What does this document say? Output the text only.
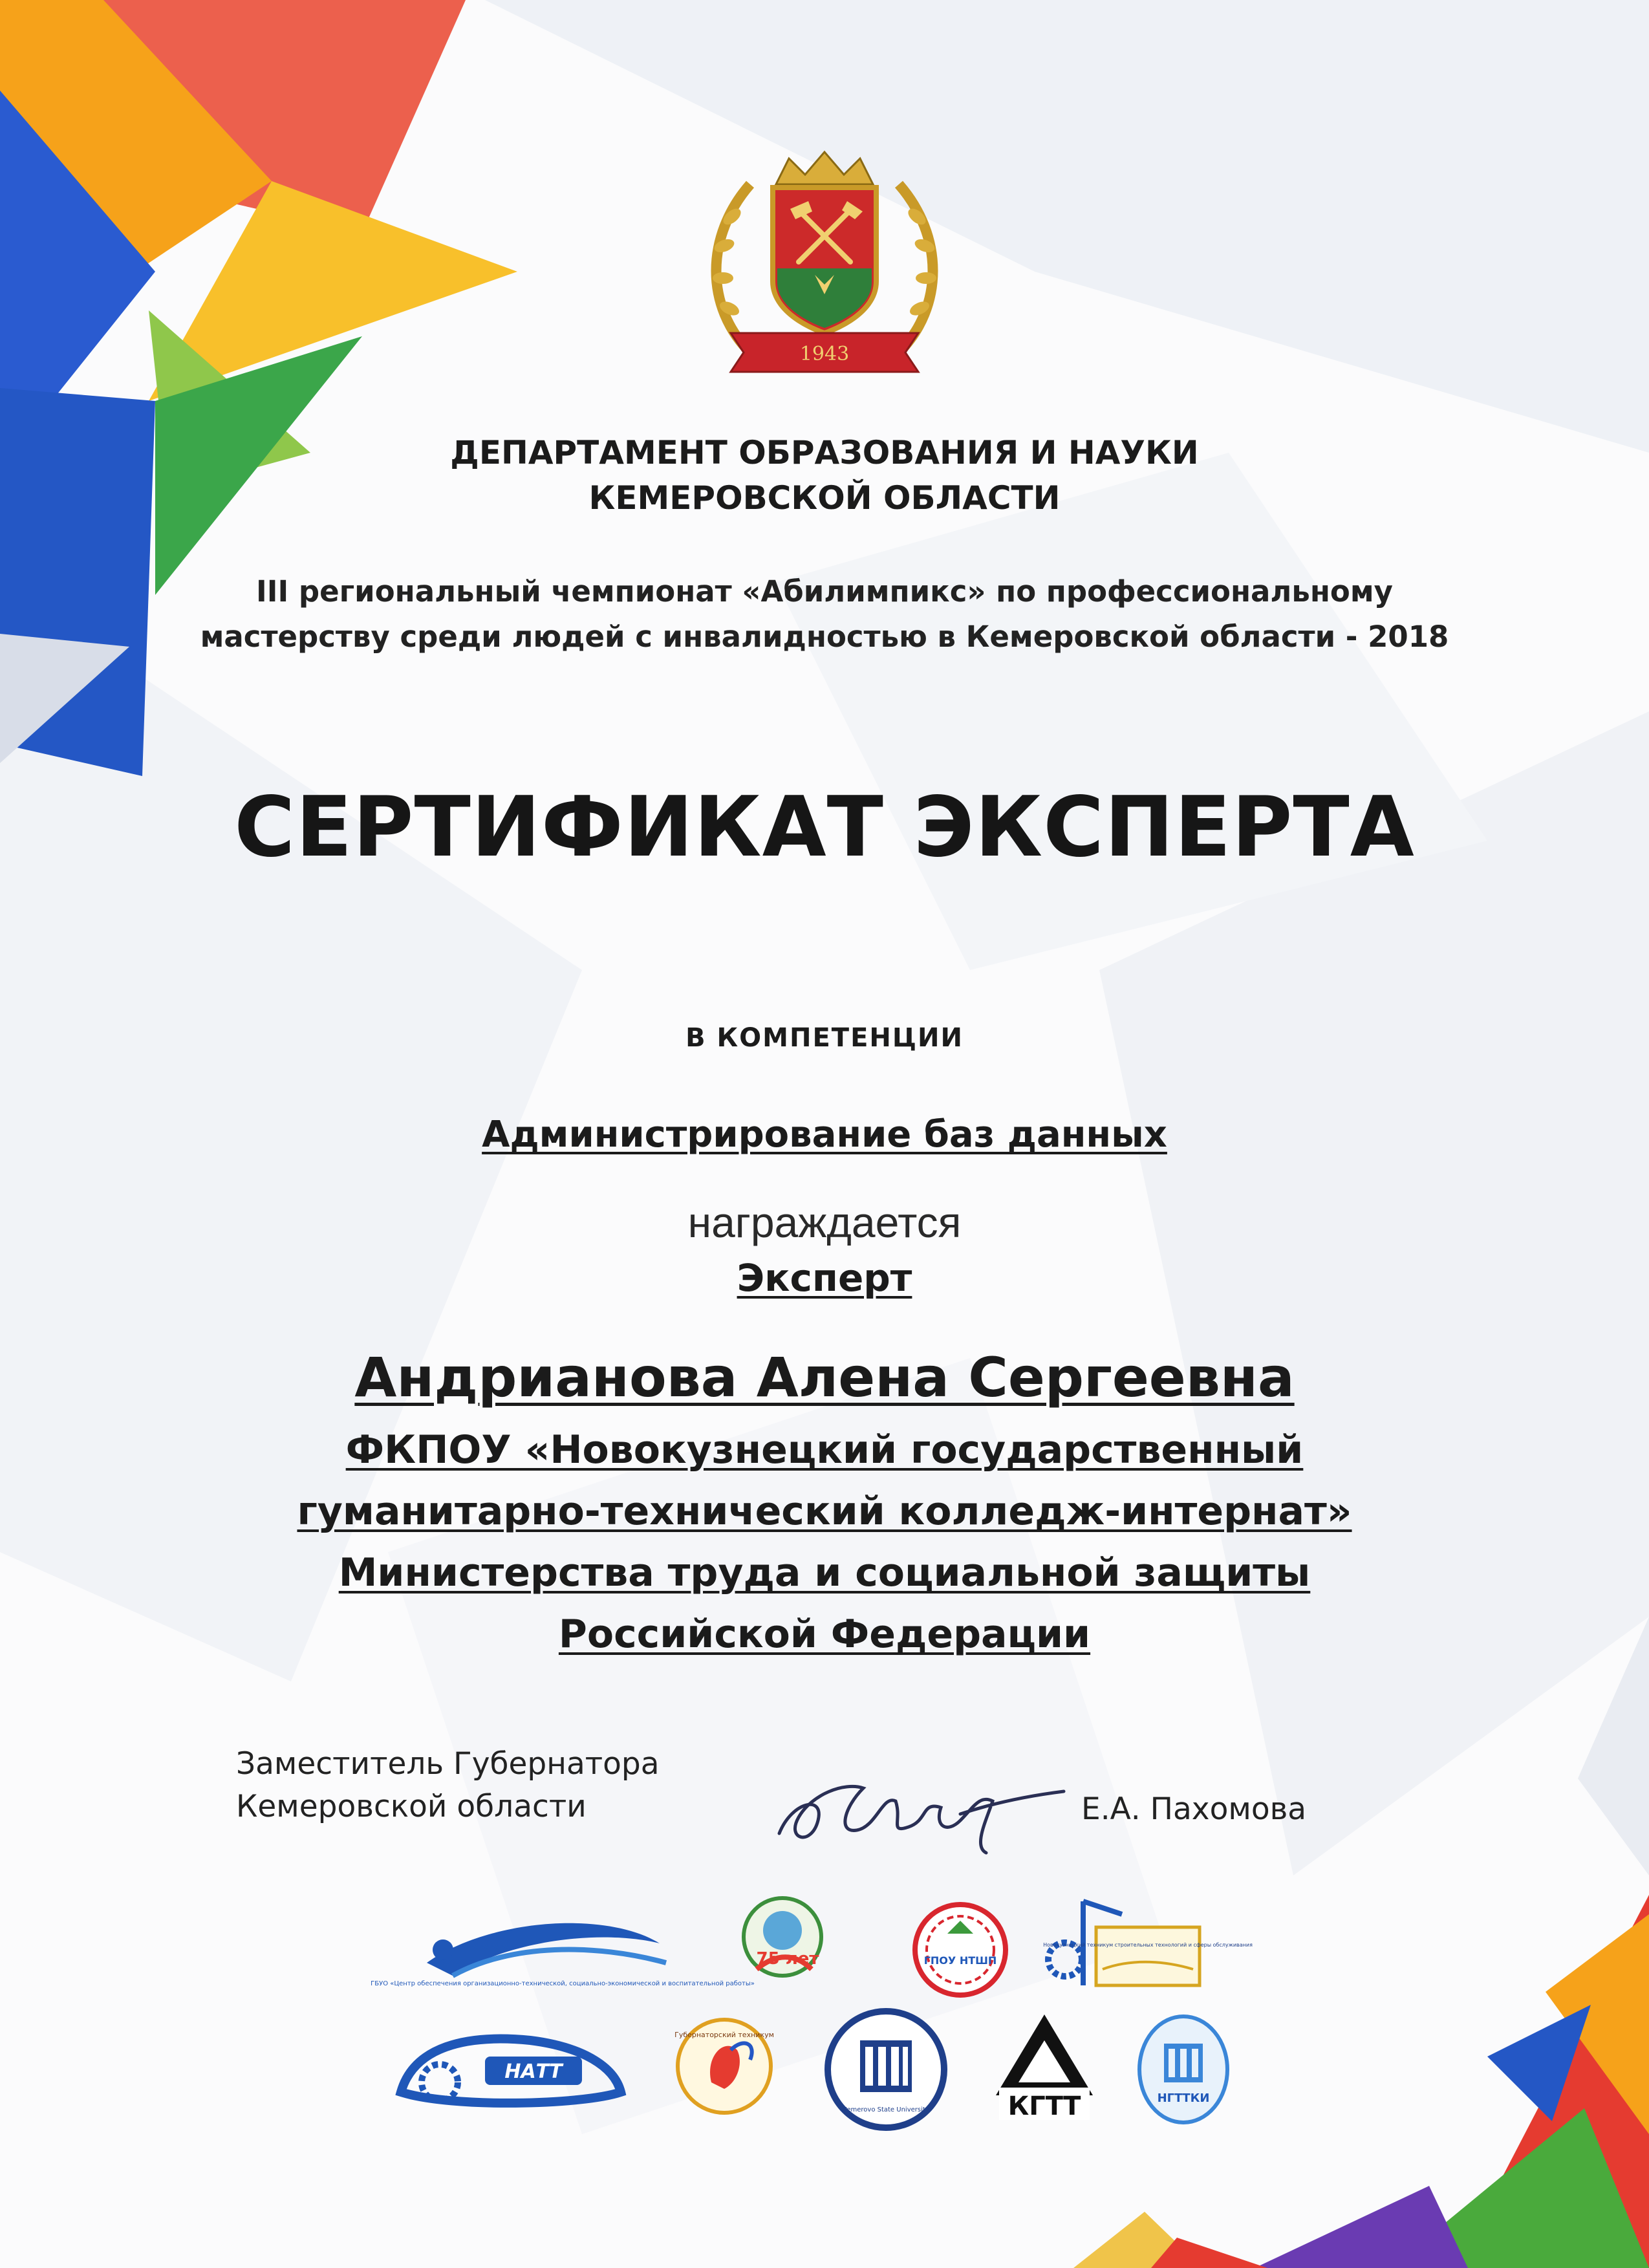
1943
ДЕПАРТАМЕНТ ОБРАЗОВАНИЯ И НАУКИ
КЕМЕРОВСКОЙ ОБЛАСТИ
III региональный чемпионат «Абилимпикс» по профессиональному
мастерству среди людей с инвалидностью в Кемеровской области - 2018
СЕРТИФИКАТ ЭКСПЕРТА
В КОМПЕТЕНЦИИ
Администрирование баз данных
награждается
Эксперт
Андрианова Алена Сергеевна
ФКПОУ «Новокузнецкий государственный
гуманитарно-технический колледж-интернат»
Министерства труда и социальной защиты
Российской Федерации
Заместитель Губернатора
Кемеровской области	Е.А. Пахомова
ГБУО «Центр обеспечения организационно-технической, социально-экономической и воспитательной работы»
75 лет	ГПОУ НТШП
Новокузнецкий техникум строительных технологий и сферы обслуживания
НАТТ
Губернаторский техникум
Kemerovo State University	КГТТ	НГТТКИ
